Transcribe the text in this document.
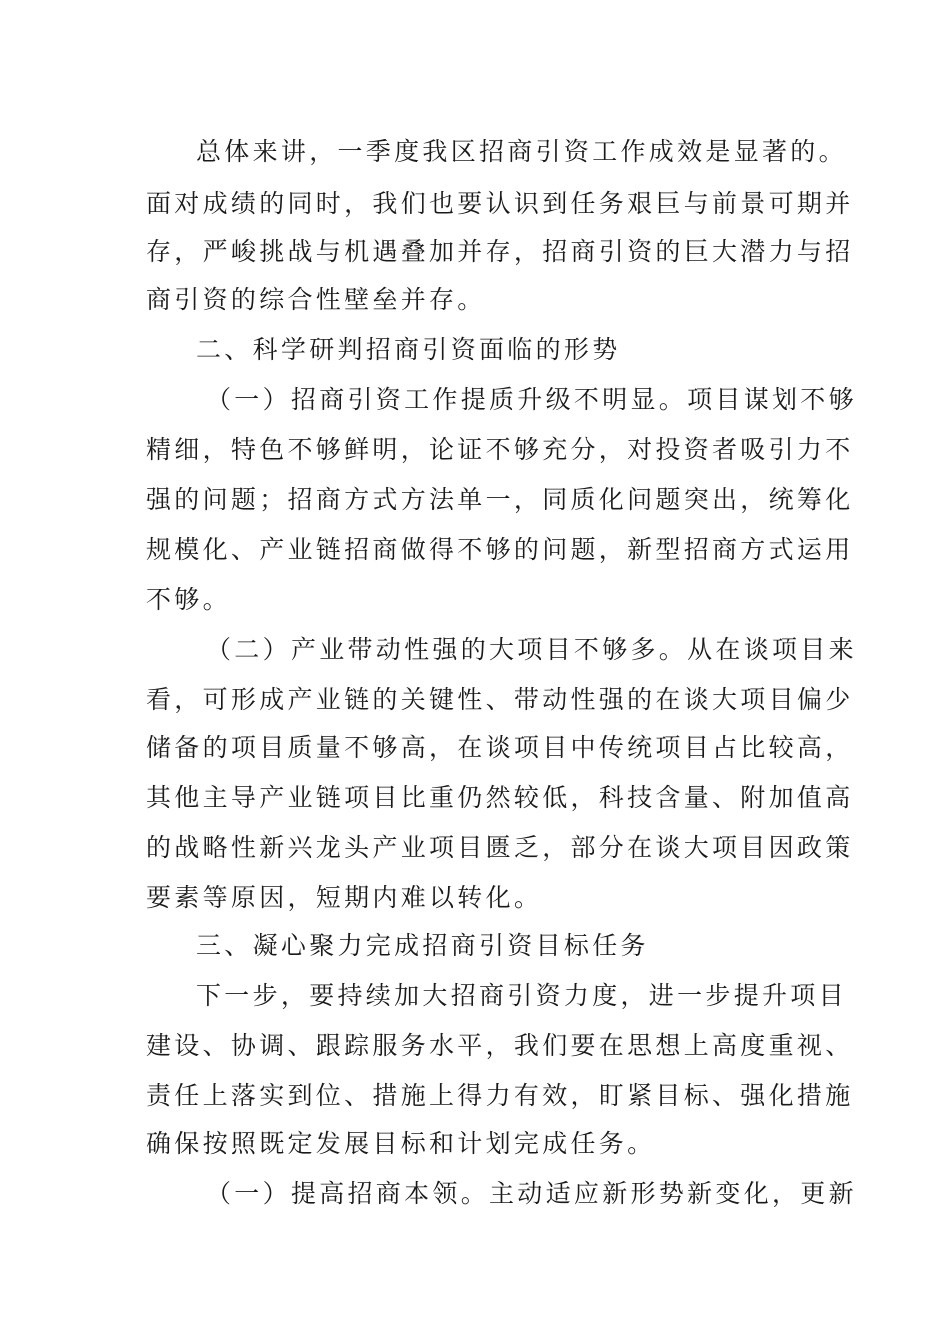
总体来讲，一季度我区招商引资工作成效是显著的。
面对成绩的同时，我们也要认识到任务艰巨与前景可期并
存，严峻挑战与机遇叠加并存，招商引资的巨大潜力与招
商引资的综合性壁垒并存。
二、科学研判招商引资面临的形势
（一）招商引资工作提质升级不明显。项目谋划不够
精细，特色不够鲜明，论证不够充分，对投资者吸引力不
强的问题；招商方式方法单一，同质化问题突出，统筹化
规模化、产业链招商做得不够的问题，新型招商方式运用
不够。
（二）产业带动性强的大项目不够多。从在谈项目来
看，可形成产业链的关键性、带动性强的在谈大项目偏少
储备的项目质量不够高，在谈项目中传统项目占比较高，
其他主导产业链项目比重仍然较低，科技含量、附加值高
的战略性新兴龙头产业项目匮乏，部分在谈大项目因政策
要素等原因，短期内难以转化。
三、凝心聚力完成招商引资目标任务
下一步，要持续加大招商引资力度，进一步提升项目
建设、协调、跟踪服务水平，我们要在思想上高度重视、
责任上落实到位、措施上得力有效，盯紧目标、强化措施
确保按照既定发展目标和计划完成任务。
（一）提高招商本领。主动适应新形势新变化，更新
